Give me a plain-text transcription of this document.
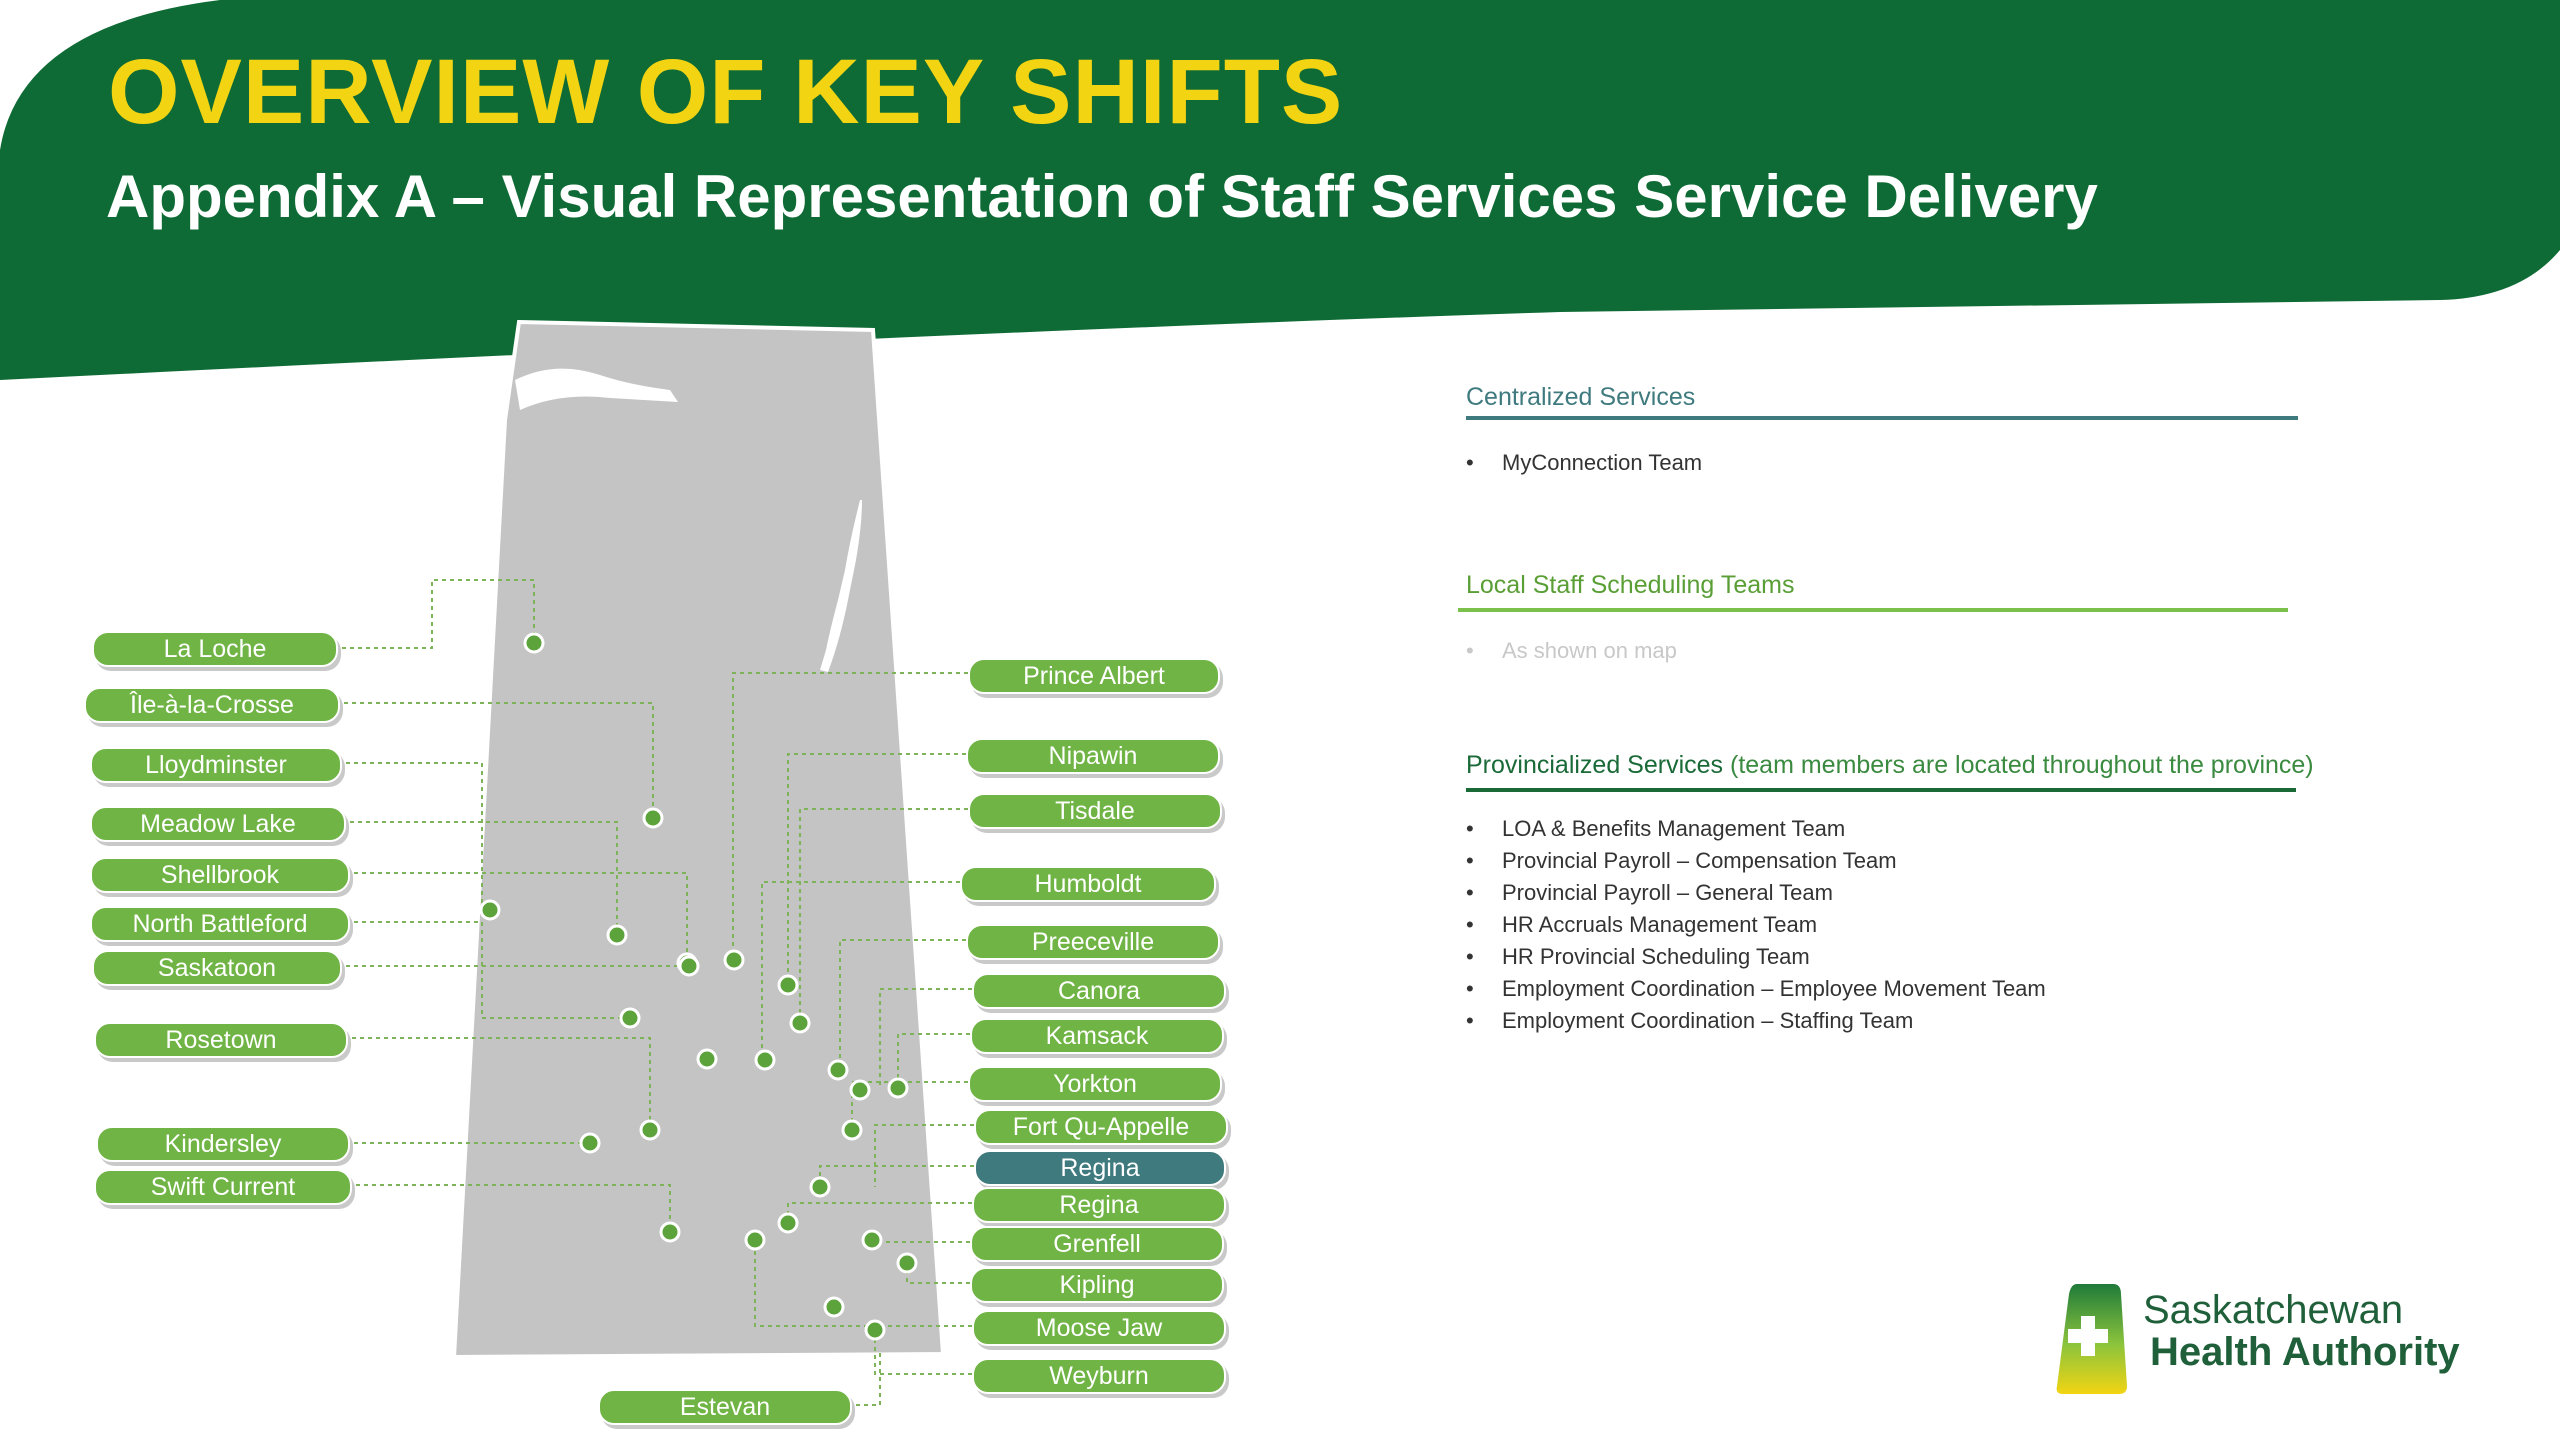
OVERVIEW OF KEY SHIFTS
Appendix A – Visual Representation of Staff Services Service Delivery
La Loche
Île-à-la-Crosse
Lloydminster
Meadow Lake
Shellbrook
North Battleford
Saskatoon
Rosetown
Kindersley
Swift Current
Estevan
Prince Albert
Nipawin
Tisdale
Humboldt
Preeceville
Canora
Kamsack
Yorkton
Fort Qu-Appelle
Regina
Regina
Grenfell
Kipling
Moose Jaw
Weyburn
Centralized Services
• MyConnection Team
Local Staff Scheduling Teams
• As shown on map
Provincialized Services (team members are located throughout the province)
• LOA & Benefits Management Team
• Provincial Payroll – Compensation Team
• Provincial Payroll – General Team
• HR Accruals Management Team
• HR Provincial Scheduling Team
• Employment Coordination – Employee Movement Team
• Employment Coordination – Staffing Team
Saskatchewan
Health Authority
